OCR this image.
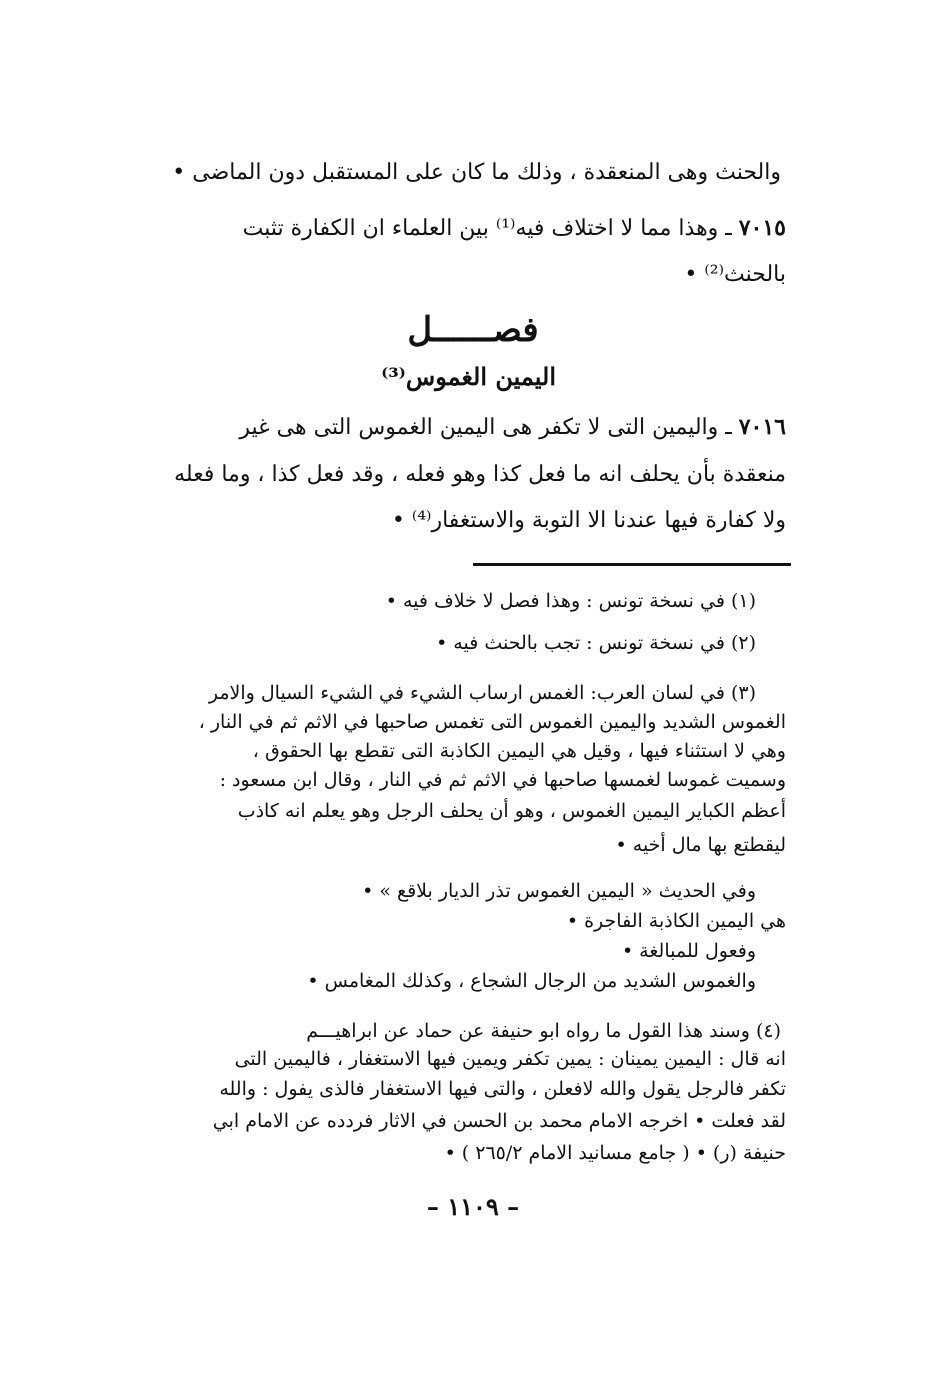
والحنث وهى المنعقدة ، وذلك ما كان على المستقبل دون الماضى •
٧٠١٥ ـ وهذا مما لا اختلاف فيه⁽¹⁾ بين العلماء ان الكفارة تثبت
بالحنث⁽²⁾ •
فصــــــل
اليمين الغموس⁽³⁾
٧٠١٦ ـ واليمين التى لا تكفر هى اليمين الغموس التى هى غير
منعقدة بأن يحلف انه ما فعل كذا وهو فعله ، وقد فعل كذا ، وما فعله
ولا كفارة فيها عندنا الا التوبة والاستغفار⁽⁴⁾ •
(١) في نسخة تونس : وهذا فصل لا خلاف فيه •
(٢) في نسخة تونس : تجب بالحنث فيه •
(٣) في لسان العرب: الغمس ارساب الشيء في الشيء السيال والامر
الغموس الشديد واليمين الغموس التى تغمس صاحبها في الاثم ثم في النار ،
وهي لا استثناء فيها ، وقيل هي اليمين الكاذبة التى تقطع بها الحقوق ،
وسميت غموسا لغمسها صاحبها في الاثم ثم في النار ، وقال ابن مسعود :
أعظم الكباير اليمين الغموس ، وهو أن يحلف الرجل وهو يعلم انه كاذب
ليقطتع بها مال أخيه •
وفي الحديث « اليمين الغموس تذر الديار بلاقع » •
هي اليمين الكاذبة الفاجرة •
وفعول للمبالغة •
والغموس الشديد من الرجال الشجاع ، وكذلك المغامس •
(٤) وسند هذا القول ما رواه ابو حنيفة عن حماد عن ابراهيـــم
انه قال : اليمين يمينان : يمين تكفر ويمين فيها الاستغفار ، فاليمين التى
تكفر فالرجل يقول والله لافعلن ، والتى فيها الاستغفار فالذى يفول : والله
لقد فعلت • اخرجه الامام محمد بن الحسن في الاثار فردده عن الامام ابي
حنيفة (ر) • ( جامع مسانيد الامام ٢٦٥/٢ ) •
– ١١٠٩ –
